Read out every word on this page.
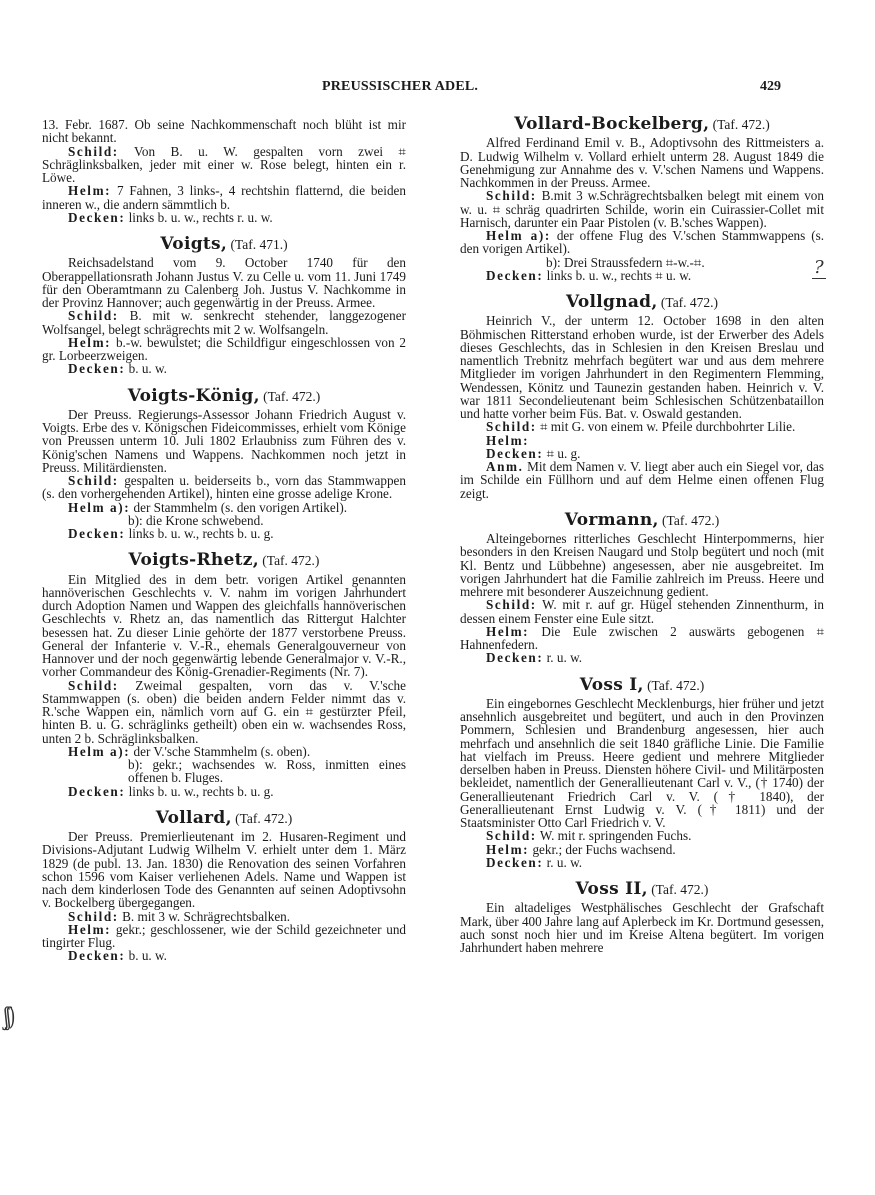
PREUSSISCHER ADEL.	429
?
ʃʃ)

13. Febr. 1687. Ob seine Nachkommenschaft noch blüht ist mir nicht bekannt.

Schild: Von B. u. W. gespalten vorn zwei ⌗ Schräglinksbalken, jeder mit einer w. Rose belegt, hinten ein r. Löwe.

Helm: 7 Fahnen, 3 links-, 4 rechtshin flatternd, die beiden inneren w., die andern sämmtlich b.

Decken: links b. u. w., rechts r. u. w.

Voigts, (Taf. 471.)

Reichsadelstand vom 9. October 1740 für den Oberappellationsrath Johann Justus V. zu Celle u. vom 11. Juni 1749 für den Oberamtmann zu Calenberg Joh. Justus V. Nachkomme in der Provinz Hannover; auch gegenwärtig in der Preuss. Armee.

Schild: B. mit w. senkrecht stehender, langgezogener Wolfsangel, belegt schrägrechts mit 2 w. Wolfsangeln.

Helm: b.-w. bewulstet; die Schildfigur eingeschlossen von 2 gr. Lorbeerzweigen.

Decken: b. u. w.

Voigts-König, (Taf. 472.)

Der Preuss. Regierungs-Assessor Johann Friedrich August v. Voigts. Erbe des v. Königschen Fideicommisses, erhielt vom Könige von Preussen unterm 10. Juli 1802 Erlaubniss zum Führen des v. König'schen Namens und Wappens. Nachkommen noch jetzt in Preuss. Militärdiensten.

Schild: gespalten u. beiderseits b., vorn das Stammwappen (s. den vorhergehenden Artikel), hinten eine grosse adelige Krone.

Helm a): der Stammhelm (s. den vorigen Artikel).

b): die Krone schwebend.

Decken: links b. u. w., rechts b. u. g.

Voigts-Rhetz, (Taf. 472.)

Ein Mitglied des in dem betr. vorigen Artikel genannten hannöverischen Geschlechts v. V. nahm im vorigen Jahrhundert durch Adoption Namen und Wappen des gleichfalls hannöverischen Geschlechts v. Rhetz an, das namentlich das Rittergut Halchter besessen hat. Zu dieser Linie gehörte der 1877 verstorbene Preuss. General der Infanterie v. V.-R., ehemals Generalgouverneur von Hannover und der noch gegenwärtig lebende Generalmajor v. V.-R., vorher Commandeur des König-Grenadier-Regiments (Nr. 7).

Schild: Zweimal gespalten, vorn das v. V.'sche Stammwappen (s. oben) die beiden andern Felder nimmt das v. R.'sche Wappen ein, nämlich vorn auf G. ein ⌗ gestürzter Pfeil, hinten B. u. G. schräglinks getheilt) oben ein w. wachsendes Ross, unten 2 b. Schräglinksbalken.

Helm a): der V.'sche Stammhelm (s. oben).

b): gekr.; wachsendes w. Ross, inmitten eines offenen b. Fluges.

Decken: links b. u. w., rechts b. u. g.

Vollard, (Taf. 472.)

Der Preuss. Premierlieutenant im 2. Husaren-Regiment und Divisions-Adjutant Ludwig Wilhelm V. erhielt unter dem 1. März 1829 (de publ. 13. Jan. 1830) die Renovation des seinen Vorfahren schon 1596 vom Kaiser verliehenen Adels. Name und Wappen ist nach dem kinderlosen Tode des Genannten auf seinen Adoptivsohn v. Bockelberg übergegangen.

Schild: B. mit 3 w. Schrägrechtsbalken.

Helm: gekr.; geschlossener, wie der Schild gezeichneter und tingirter Flug.

Decken: b. u. w.

Vollard-Bockelberg, (Taf. 472.)

Alfred Ferdinand Emil v. B., Adoptivsohn des Rittmeisters a. D. Ludwig Wilhelm v. Vollard erhielt unterm 28. August 1849 die Genehmigung zur Annahme des v. V.'schen Namens und Wappens. Nachkommen in der Preuss. Armee.

Schild: B.mit 3 w.Schrägrechtsbalken belegt mit einem von w. u. ⌗ schräg quadrirten Schilde, worin ein Cuirassier-Collet mit Harnisch, darunter ein Paar Pistolen (v. B.'sches Wappen).

Helm a): der offene Flug des V.'schen Stammwappens (s. den vorigen Artikel).

b): Drei Straussfedern ⌗-w.-⌗.

Decken: links b. u. w., rechts ⌗ u. w.

Vollgnad, (Taf. 472.)

Heinrich V., der unterm 12. October 1698 in den alten Böhmischen Ritterstand erhoben wurde, ist der Erwerber des Adels dieses Geschlechts, das in Schlesien in den Kreisen Breslau und namentlich Trebnitz mehrfach begütert war und aus dem mehrere Mitglieder im vorigen Jahrhundert in den Regimentern Flemming, Wendessen, Könitz und Taunezin gestanden haben. Heinrich v. V. war 1811 Secondelieutenant beim Schlesischen Schützenbataillon und hatte vorher beim Füs. Bat. v. Oswald gestanden.

Schild: ⌗ mit G. von einem w. Pfeile durchbohrter Lilie.

Helm:

Decken: ⌗ u. g.

Anm. Mit dem Namen v. V. liegt aber auch ein Siegel vor, das im Schilde ein Füllhorn und auf dem Helme einen offenen Flug zeigt.

Vormann, (Taf. 472.)

Alteingebornes ritterliches Geschlecht Hinterpommerns, hier besonders in den Kreisen Naugard und Stolp begütert und noch (mit Kl. Bentz und Lübbehne) angesessen, aber nie ausgebreitet. Im vorigen Jahrhundert hat die Familie zahlreich im Preuss. Heere und mehrere mit besonderer Auszeichnung gedient.

Schild: W. mit r. auf gr. Hügel stehenden Zinnenthurm, in dessen einem Fenster eine Eule sitzt.

Helm: Die Eule zwischen 2 auswärts gebogenen ⌗ Hahnenfedern.

Decken: r. u. w.

Voss I, (Taf. 472.)

Ein eingebornes Geschlecht Mecklenburgs, hier früher und jetzt ansehnlich ausgebreitet und begütert, und auch in den Provinzen Pommern, Schlesien und Brandenburg angesessen, hier auch mehrfach und ansehnlich die seit 1840 gräfliche Linie. Die Familie hat vielfach im Preuss. Heere gedient und mehrere Mitglieder derselben haben in Preuss. Diensten höhere Civil- und Militärposten bekleidet, namentlich der Generallieutenant Carl v. V., († 1740) der Generallieutenant Friedrich Carl v. V. († 1840), der Generallieutenant Ernst Ludwig v. V. († 1811) und der Staatsminister Otto Carl Friedrich v. V.

Schild: W. mit r. springenden Fuchs.

Helm: gekr.; der Fuchs wachsend.

Decken: r. u. w.

Voss II, (Taf. 472.)

Ein altadeliges Westphälisches Geschlecht der Grafschaft Mark, über 400 Jahre lang auf Aplerbeck im Kr. Dortmund gesessen, auch sonst noch hier und im Kreise Altena begütert. Im vorigen Jahrhundert haben mehrere
